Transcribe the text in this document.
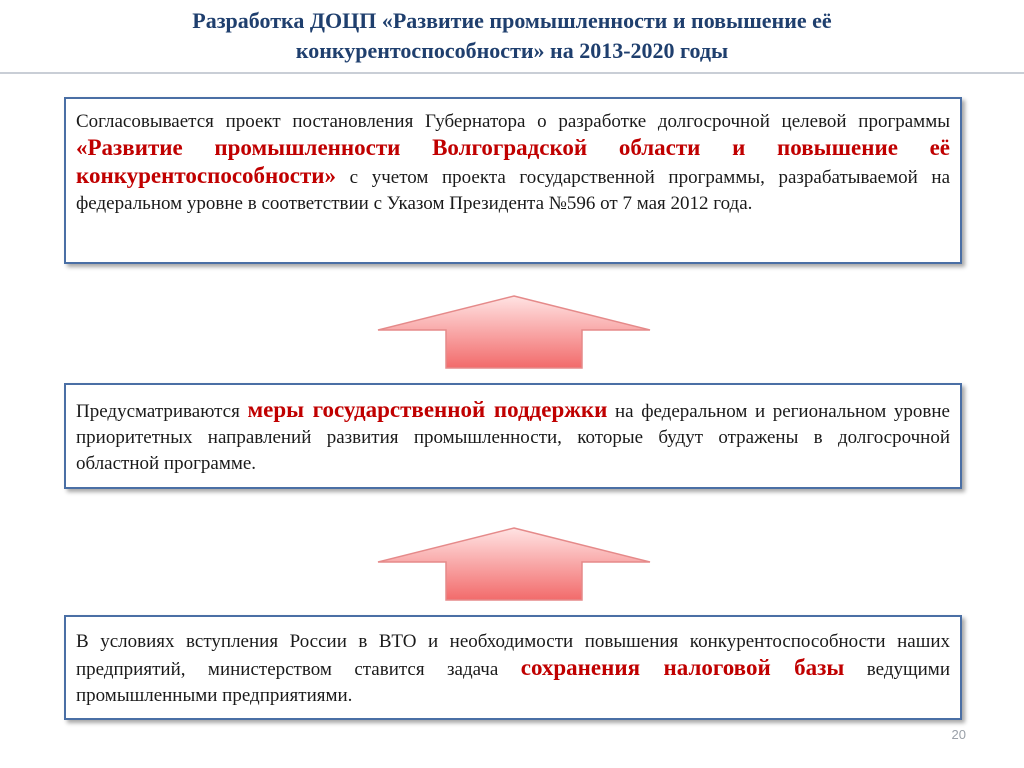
Разработка ДОЦП «Развитие промышленности и повышение её
конкурентоспособности» на 2013-2020 годы
Согласовывается проект постановления Губернатора о разработке долгосрочной целевой программы «Развитие промышленности Волгоградской области и повышение её конкурентоспособности» с учетом проекта государственной программы, разрабатываемой на федеральном уровне в соответствии с Указом Президента №596 от 7 мая 2012 года.
Предусматриваются меры государственной поддержки на федеральном и региональном уровне приоритетных направлений развития промышленности, которые будут отражены в долгосрочной областной программе.
В условиях вступления России в ВТО и необходимости повышения конкурентоспособности наших предприятий, министерством ставится задача сохранения налоговой базы ведущими промышленными предприятиями.
20
